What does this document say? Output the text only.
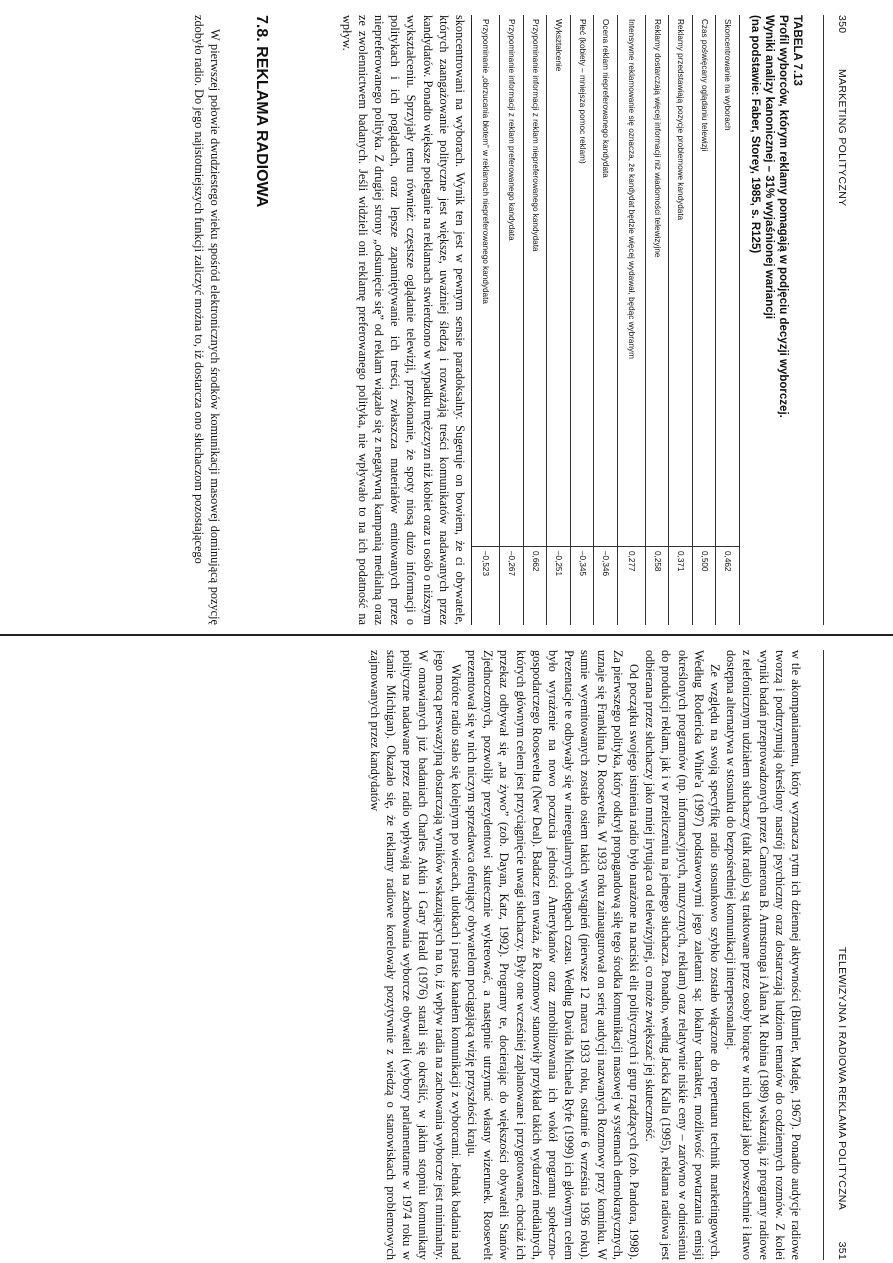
350
MARKETING POLITYCZNY
TABELA 7.13
Profil wyborców, którym reklamy pomagają w podjęciu decyzji wyborczej.
Wyniki analizy kanonicznej – 31% wyjaśnionej wariancji
(na podstawie: Faber, Storey, 1985, s. R125)
Skoncentrowanie na wyborach	0,462
Czas poświęcany oglądaniu telewizji	0,500
Reklamy przedstawiają pozycje problemowe kandydata	0,371
Reklamy dostarczają więcej informacji niż wiadomości telewizyjne	0,258
Intensywne reklamowanie się oznacza, że kandydat będzie więcej wydawał, będąc wybranym	0,277
Ocena reklam niepreferowanego kandydata	–0,346
Płeć (kobiety – mniejsza pomoc reklam)	–0,345
Wykształcenie	–0,251
Przypominanie informacji z reklam niepreferowanego kandydata	0,662
Przypominanie informacji z reklam preferowanego kandydata	–0,267
Przypominanie „obrzucania błotem” w reklamach niepreferowanego kandydata	–0,523

skoncentrowani na wyborach. Wynik ten jest w pewnym sensie paradoksalny. Sugeruje on bowiem, że ci obywatele, których zaangażowanie polityczne jest większe, uważniej śledzą i rozważają treści komunikatów nadawanych przez kandydatów. Ponadto większe poleganie na reklamach stwierdzono w wypadku mężczyzn niż kobiet oraz u osób o niższym wykształceniu. Sprzyjały temu również: częstsze oglądanie telewizji, przekonanie, że spoty niosą dużo informacji o politykach i ich poglądach, oraz lepsze zapamiętywanie ich treści, zwłaszcza materiałów emitowanych przez niepreferowanego polityka. Z drugiej strony „odsunięcie się” od reklam wiązało się z negatywną kampanią medialną oraz ze zwolennictwem badanych. Jeśli widzieli oni reklamę preferowanego polityka, nie wpływało to na ich podatność na wpływ.

7.8. REKLAMA RADIOWA

W pierwszej połowie dwudziestego wieku spośród elektronicznych środków komunikacji masowej dominującą pozycję zdobyło radio. Do jego najistotniejszych funkcji zaliczyć można to, iż dostarcza ono słuchaczom pozostającego

TELEWIZYJNA I RADIOWA REKLAMA POLITYCZNA
351

w tle akompaniamentu, który wyznacza rytm ich dziennej aktywności (Blumler, Madge, 1967). Ponadto audycje radiowe tworzą i podtrzymują określony nastrój psychiczny oraz dostarczają ludziom tematów do codziennych rozmów. Z kolei wyniki badań przeprowadzonych przez Camerona B. Armstronga i Alana M. Rubina (1989) wskazują, iż programy radiowe z telefonicznym udziałem słuchaczy (talk radio) są traktowane przez osoby biorące w nich udział jako powszechnie i łatwo dostępna alternatywa w stosunku do bezpośredniej komunikacji interpersonalnej.

Ze względu na swoją specyfikę radio stosunkowo szybko zostało włączone do repertuaru technik marketingowych. Według Rodericka White'a (1997) podstawowymi jego zaletami są: lokalny charakter, możliwość powtarzania emisji określonych programów (np. informacyjnych, muzycznych, reklam) oraz relatywnie niskie ceny – zarówno w odniesieniu do produkcji reklam, jak i w przeliczeniu na jednego słuchacza. Ponadto, według Jacka Kalla (1995), reklama radiowa jest odbierana przez słuchaczy jako mniej irytująca od telewizyjnej, co może zwiększać jej skuteczność.

Od początku swojego istnienia radio było narażone na naciski elit politycznych i grup rządzących (zob. Pandora, 1998). Za pierwszego polityka, który odkrył propagandową siłę tego środka komunikacji masowej w systemach demokratycznych, uznaje się Franklina D. Roosevelta. W 1933 roku zainaugurował on serię audycji nazwanych Rozmowy przy kominku. W sumie wyemitowanych zostało osiem takich wystąpień (pierwsze 12 marca 1933 roku, ostatnie 6 września 1936 roku). Prezentacje te odbywały się w nieregularnych odstępach czasu. Według Davida Michaela Ryfe (1999) ich głównym celem było wyrażenie na nowo poczucia jedności Amerykanów oraz zmobilizowania ich wokół programu społeczno-gospodarczego Roosevelta (New Deal). Badacz ten uważa, że Rozmowy stanowiły przykład takich wydarzeń medialnych, których głównym celem jest przyciągnięcie uwagi słuchaczy. Były one wcześniej zaplanowane i przygotowane, chociaż ich przekaz odbywał się „na żywo” (zob. Dayan, Katz, 1992). Programy te, docierając do większości obywateli Stanów Zjednoczonych, pozwoliły prezydentowi skutecznie wykreować, a następnie utrzymać własny wizerunek. Roosevelt prezentował się w nich niczym sprzedawca oferujący obywatelom pociągającą wizję przyszłości kraju.

Wkrótce radio stało się kolejnym po wiecach, ulotkach i prasie kanałem komunikacji z wyborcami. Jednak badania nad jego mocą perswazyjną dostarczają wyników wskazujących na to, iż wpływ radia na zachowania wyborcze jest minimalny. W omawianych już badaniach Charles Atkin i Gary Heald (1976) starali się określić, w jakim stopniu komunikaty polityczne nadawane przez radio wpływają na zachowania wyborcze obywateli (wybory parlamentarne w 1974 roku w stanie Michigan). Okazało się, że reklamy radiowe korelowały pozytywnie z wiedzą o stanowiskach problemowych zajmowanych przez kandydatów
